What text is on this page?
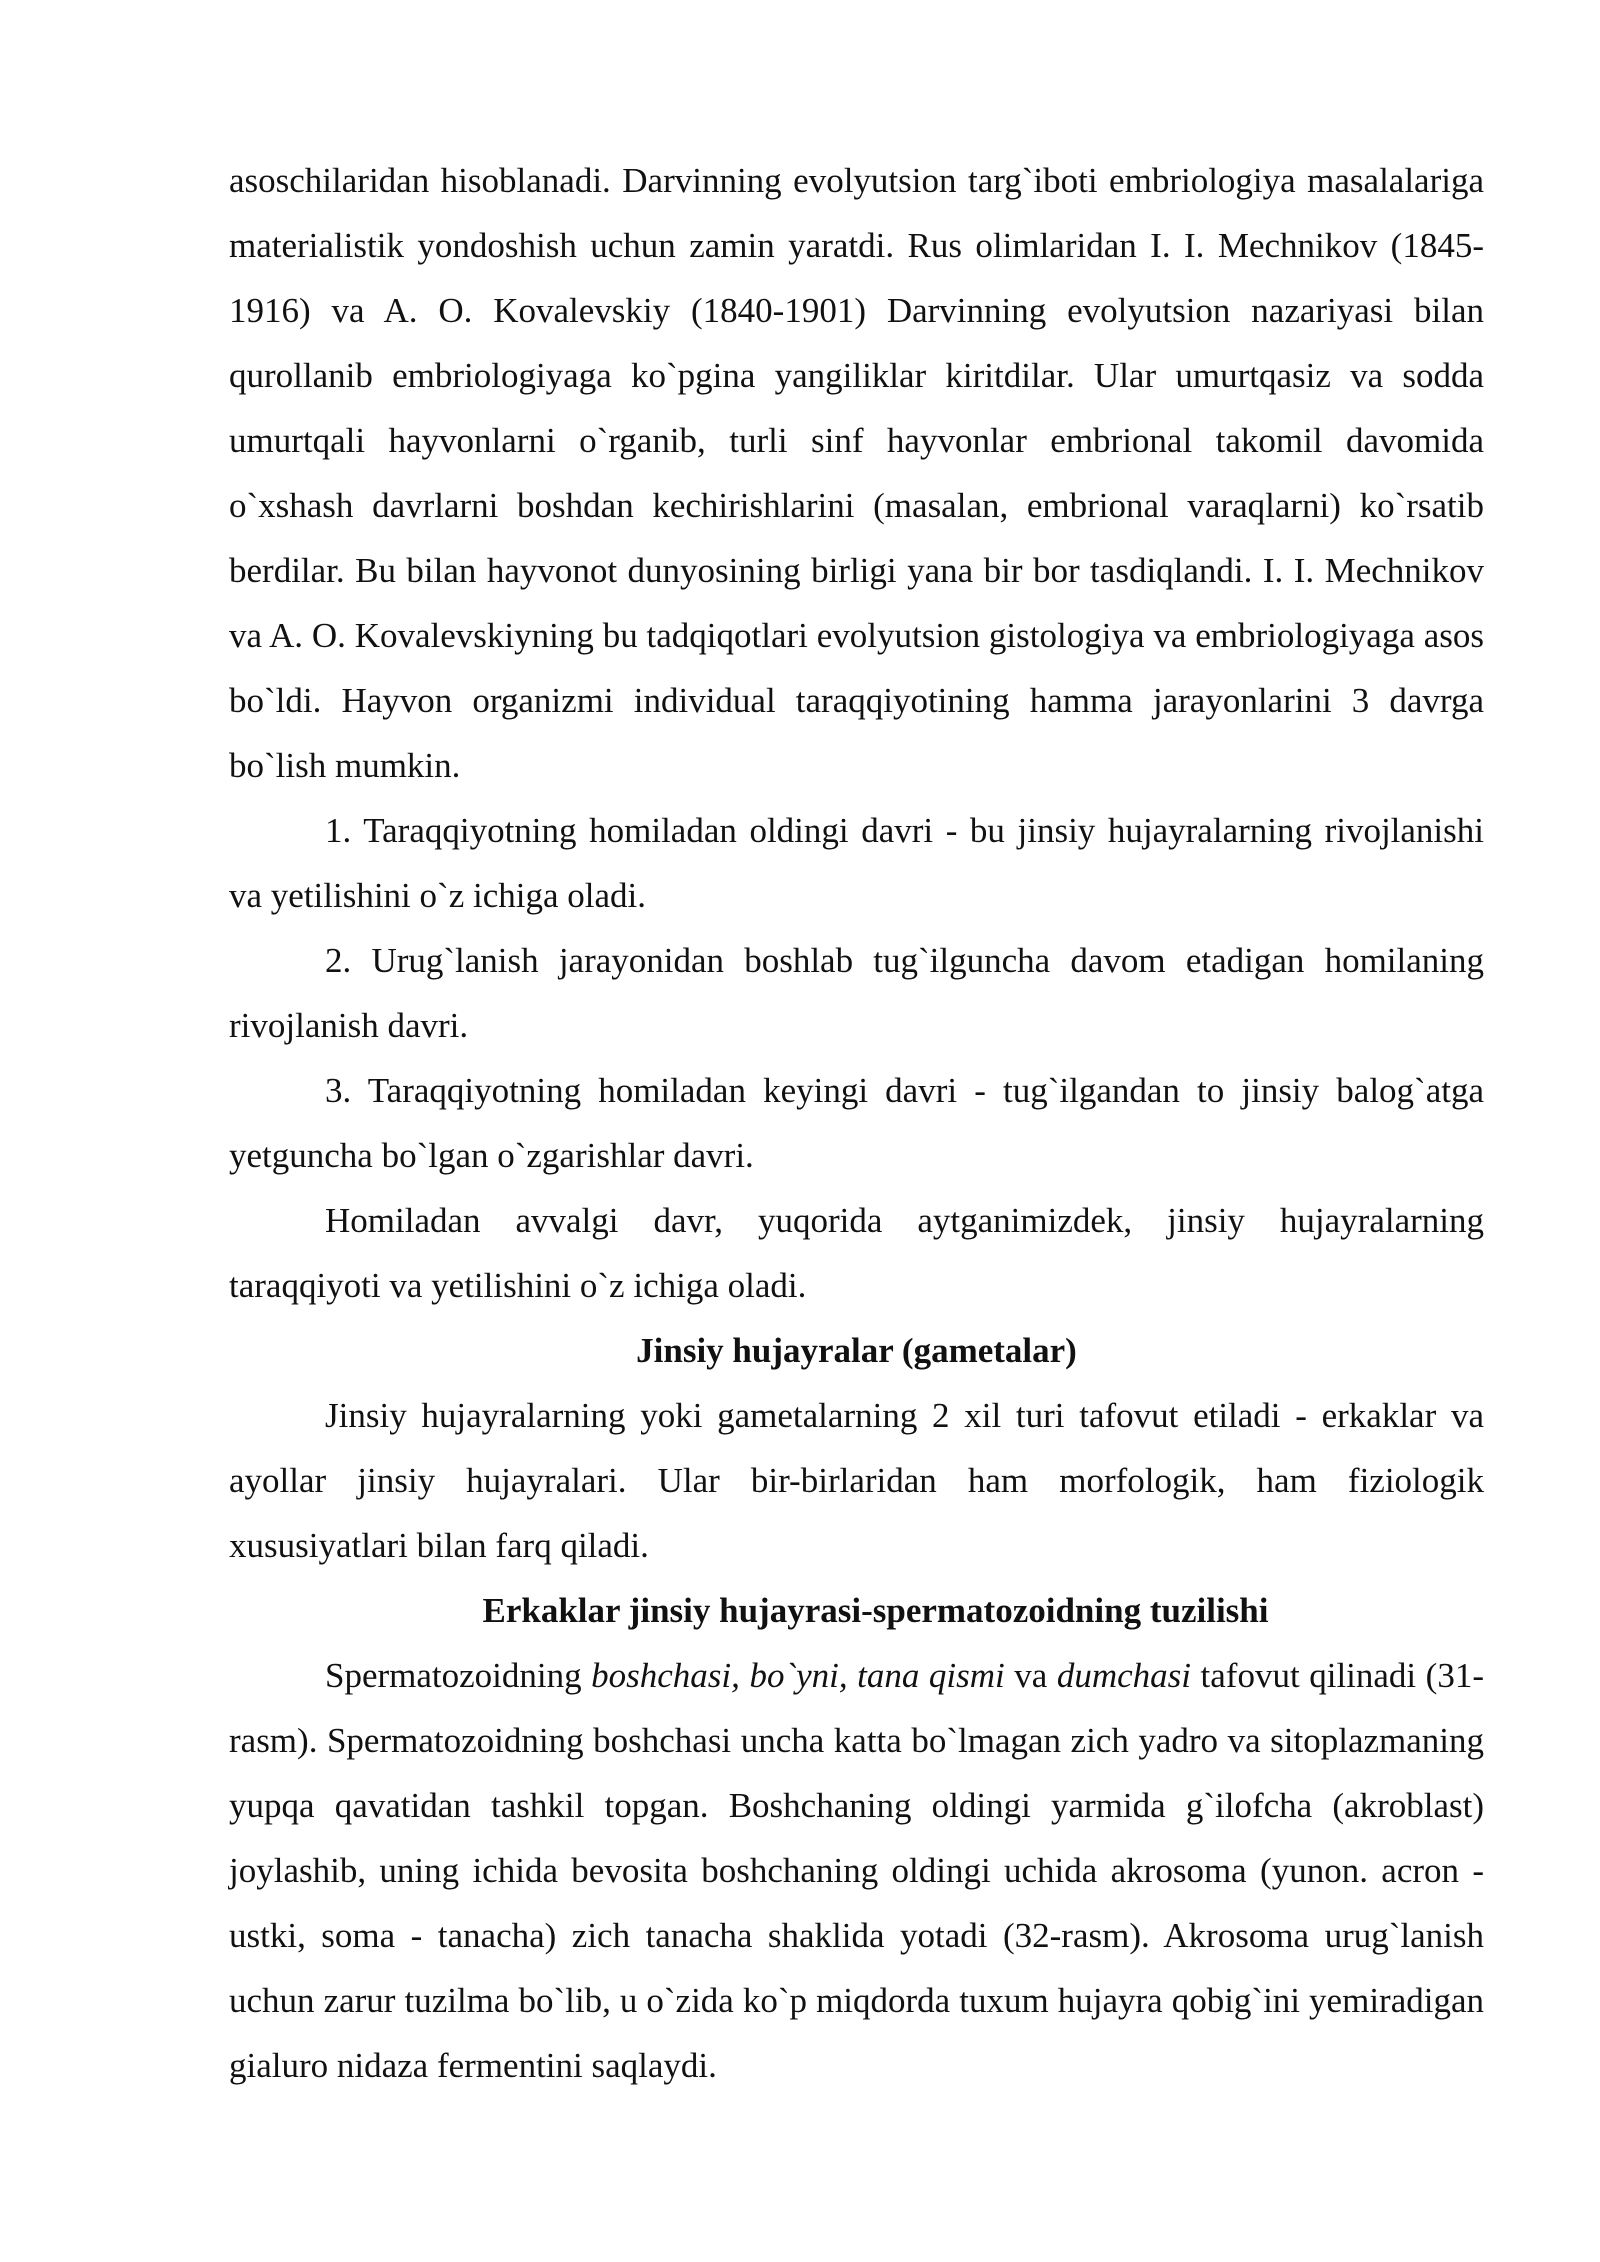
asoschilaridan hisoblanadi. Darvinning evolyutsion targ`iboti embriologiya masalalariga materialistik yondoshish uchun zamin yaratdi. Rus olimlaridan I. I. Mechnikov (1845-1916) va A. O. Kovalevskiy (1840-1901) Darvinning evolyutsion nazariyasi bilan qurollanib embriologiyaga ko`pgina yangiliklar kiritdilar. Ular umurtqasiz va sodda umurtqali hayvonlarni o`rganib, turli sinf hayvonlar embrional takomil davomida o`xshash davrlarni boshdan kechirishlarini (masalan, embrional varaqlarni) ko`rsatib berdilar. Bu bilan hayvonot dunyosining birligi yana bir bor tasdiqlandi. I. I. Mechnikov va A. O. Kovalevskiyning bu tadqiqotlari evolyutsion gistologiya va embriologiyaga asos bo`ldi. Hayvon organizmi individual taraqqiyotining hamma jarayonlarini 3 davrga bo`lish mumkin.

1. Taraqqiyotning homiladan oldingi davri - bu jinsiy hujayralarning rivojlanishi va yetilishini o`z ichiga oladi.

2. Urug`lanish jarayonidan boshlab tug`ilguncha davom etadigan homilaning rivojlanish davri.

3. Taraqqiyotning homiladan keyingi davri - tug`ilgandan to jinsiy balog`atga yetguncha bo`lgan o`zgarishlar davri.

Homiladan avvalgi davr, yuqorida aytganimizdek, jinsiy hujayralarning taraqqiyoti va yetilishini o`z ichiga oladi.

Jinsiy hujayralar (gametalar)

Jinsiy hujayralarning yoki gametalarning 2 xil turi tafovut etiladi - erkaklar va ayollar jinsiy hujayralari. Ular bir-birlaridan ham morfologik, ham fiziologik xususiyatlari bilan farq qiladi.

Erkaklar jinsiy hujayrasi-spermatozoidning tuzilishi

Spermatozoidning boshchasi, bo`yni, tana qismi va dumchasi tafovut qilinadi (31-rasm). Spermatozoidning boshchasi uncha katta bo`lmagan zich yadro va sitoplazmaning yupqa qavatidan tashkil topgan. Boshchaning oldingi yarmida g`ilofcha (akroblast) joylashib, uning ichida bevosita boshchaning oldingi uchida akrosoma (yunon. acron - ustki, soma - tanacha) zich tanacha shaklida yotadi (32-rasm). Akrosoma urug`lanish uchun zarur tuzilma bo`lib, u o`zida ko`p miqdorda tuxum hujayra qobig`ini yemiradigan gialuro nidaza fermentini saqlaydi.
